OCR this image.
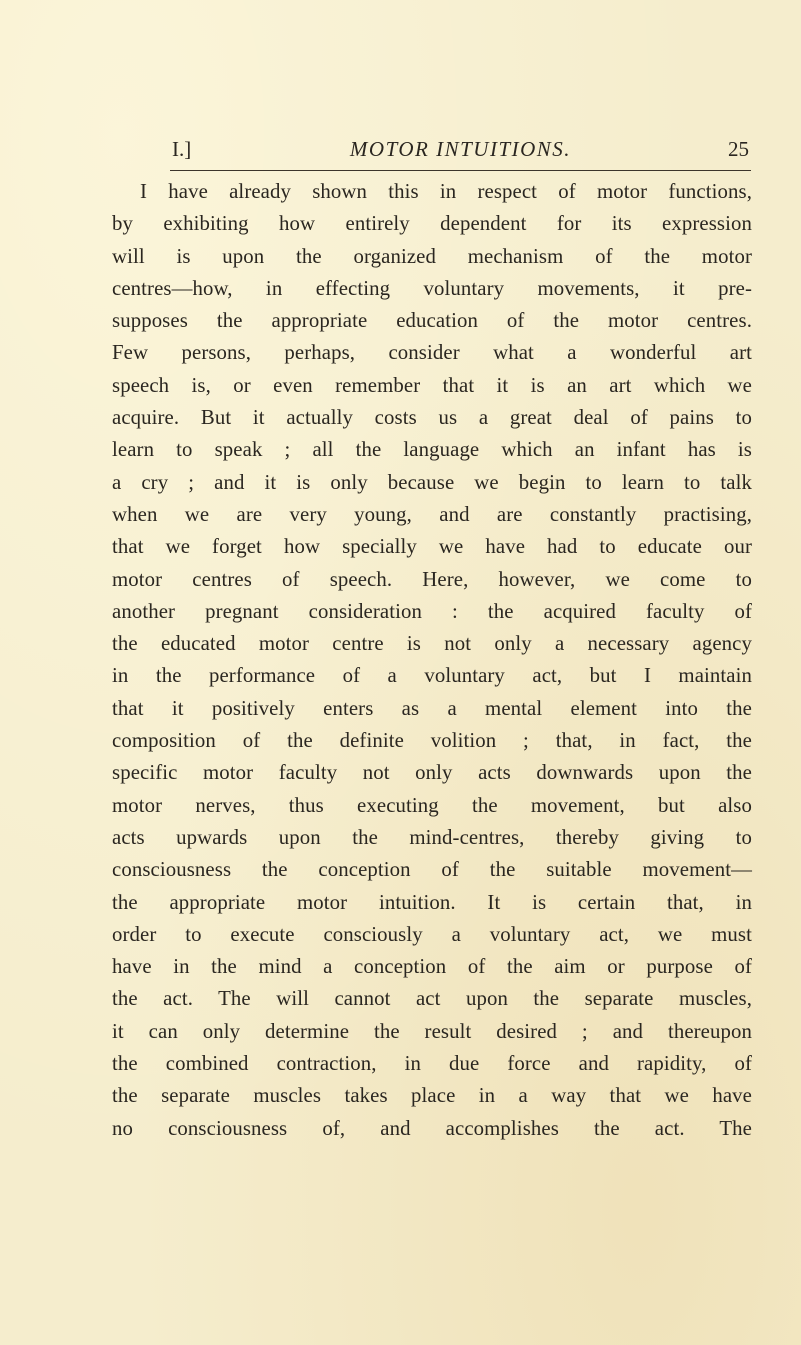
I.]	MOTOR INTUITIONS.	25

I have already shown this in respect of motor functions,
by exhibiting how entirely dependent for its expression
will is upon the organized mechanism of the motor
centres—how, in effecting voluntary movements, it pre-
supposes the appropriate education of the motor centres.
Few persons, perhaps, consider what a wonderful art
speech is, or even remember that it is an art which we
acquire. But it actually costs us a great deal of pains to
learn to speak ; all the language which an infant has is
a cry ; and it is only because we begin to learn to talk
when we are very young, and are constantly practising,
that we forget how specially we have had to educate our
motor centres of speech. Here, however, we come to
another pregnant consideration : the acquired faculty of
the educated motor centre is not only a necessary agency
in the performance of a voluntary act, but I maintain
that it positively enters as a mental element into the
composition of the definite volition ; that, in fact, the
specific motor faculty not only acts downwards upon the
motor nerves, thus executing the movement, but also
acts upwards upon the mind-centres, thereby giving to
consciousness the conception of the suitable movement—
the appropriate motor intuition. It is certain that, in
order to execute consciously a voluntary act, we must
have in the mind a conception of the aim or purpose of
the act. The will cannot act upon the separate muscles,
it can only determine the result desired ; and thereupon
the combined contraction, in due force and rapidity, of
the separate muscles takes place in a way that we have
no consciousness of, and accomplishes the act. The
